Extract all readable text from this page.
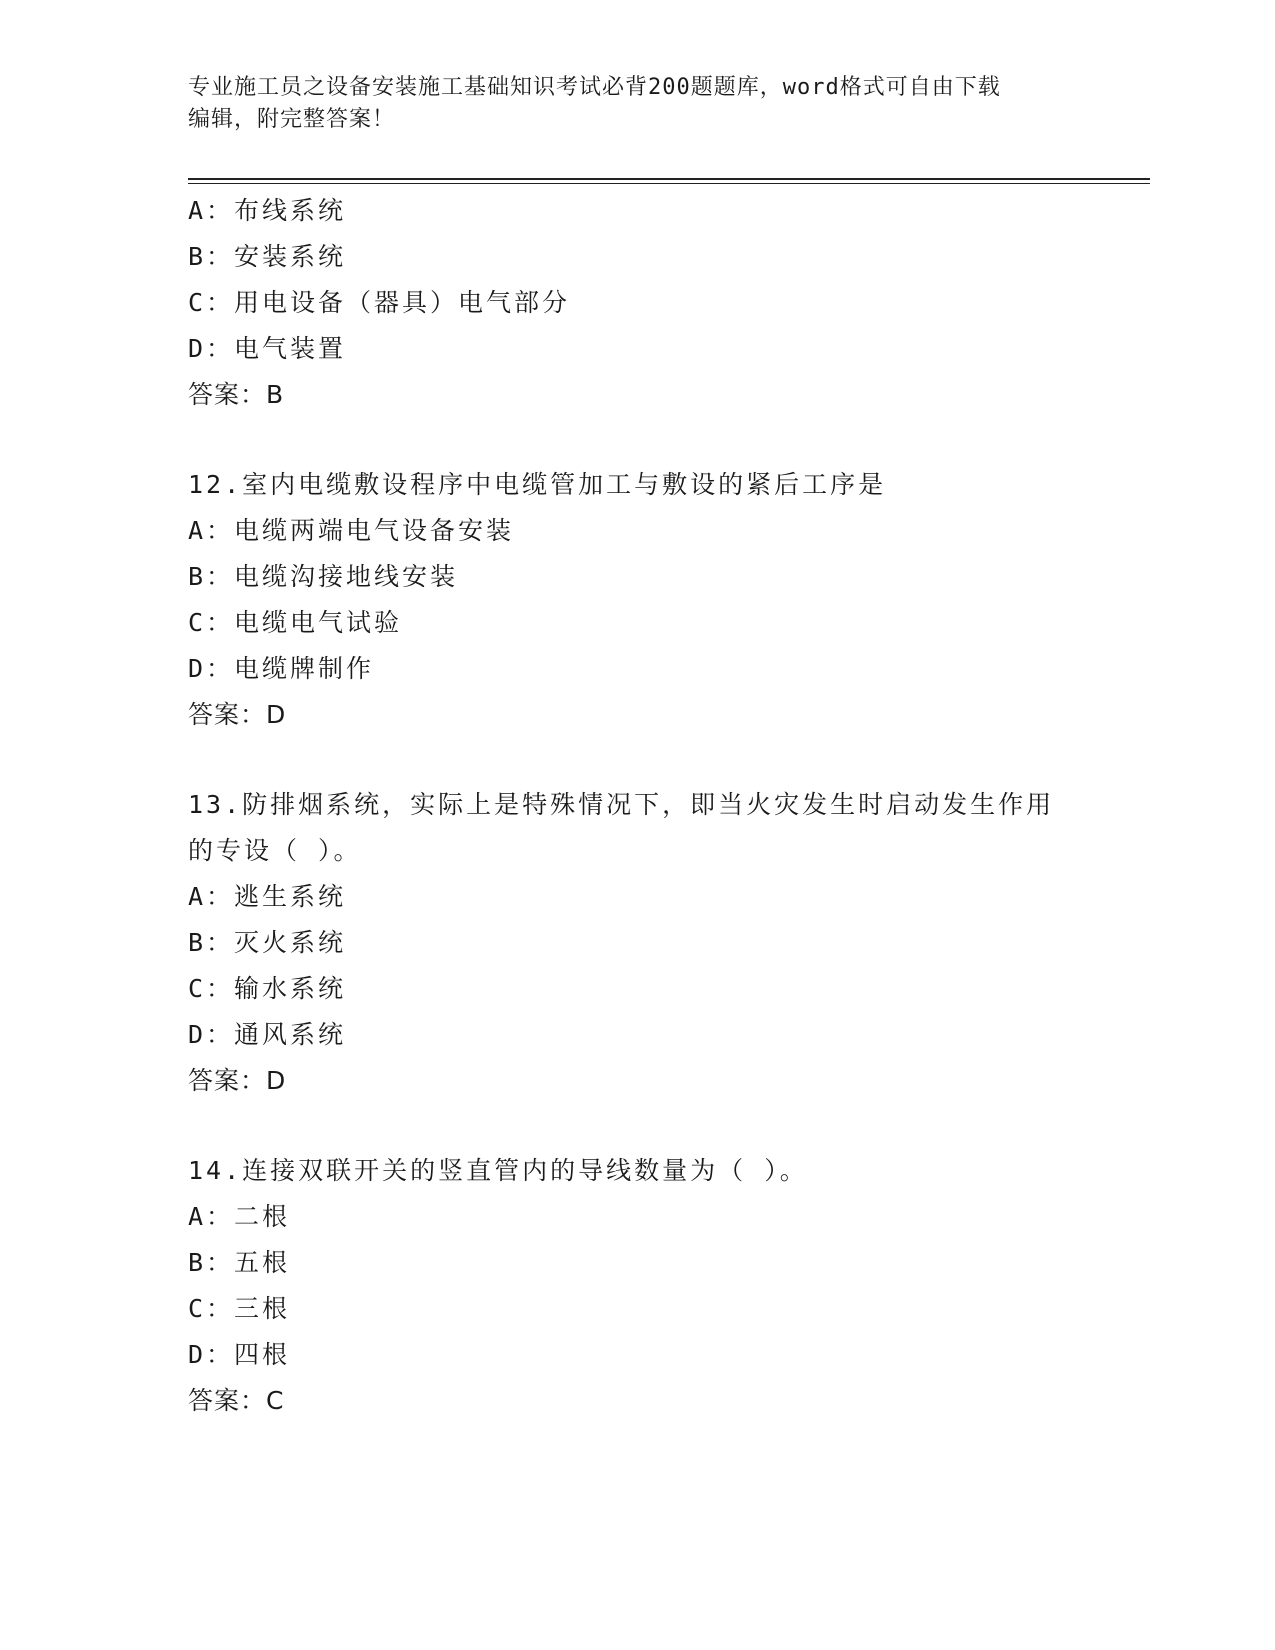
专业施工员之设备安装施工基础知识考试必背200题题库，word格式可自由下载
编辑，附完整答案！
A：布线系统
B：安装系统
C：用电设备（器具）电气部分
D：电气装置
答案：B
12.室内电缆敷设程序中电缆管加工与敷设的紧后工序是
A：电缆两端电气设备安装
B：电缆沟接地线安装
C：电缆电气试验
D：电缆牌制作
答案：D
13.防排烟系统，实际上是特殊情况下，即当火灾发生时启动发生作用
的专设（ ）。
A：逃生系统
B：灭火系统
C：输水系统
D：通风系统
答案：D
14.连接双联开关的竖直管内的导线数量为（ ）。
A：二根
B：五根
C：三根
D：四根
答案：C
